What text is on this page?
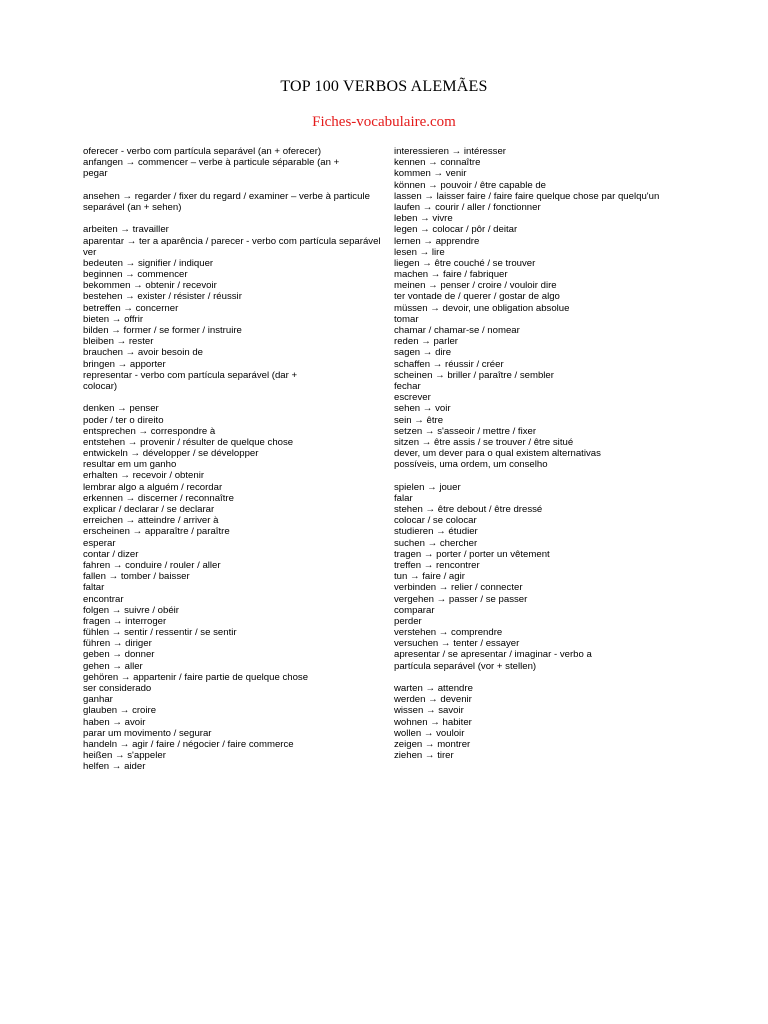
TOP 100 VERBOS ALEMÃES
Fiches-vocabulaire.com
oferecer - verbo com partícula separável (an + oferecer)
anfangen → commencer – verbe à particule séparable (an +
pegar
ansehen → regarder / fixer du regard / examiner – verbe à particule
separável (an + sehen)
arbeiten → travailler
aparentar → ter a aparência / parecer - verbo com partícula separável
ver
bedeuten → signifier / indiquer
beginnen → commencer
bekommen → obtenir / recevoir
bestehen → exister / résister / réussir
betreffen → concerner
bieten → offrir
bilden → former / se former / instruire
bleiben → rester
brauchen → avoir besoin de
bringen → apporter
representar - verbo com partícula separável (dar +
colocar)
denken → penser
poder / ter o direito
entsprechen → correspondre à
entstehen → provenir / résulter de quelque chose
entwickeln → développer / se développer
resultar em um ganho
erhalten → recevoir / obtenir
lembrar algo a alguém / recordar
erkennen → discerner / reconnaître
explicar / declarar / se declarar
erreichen → atteindre / arriver à
erscheinen → apparaître / paraître
esperar
contar / dizer
fahren → conduire / rouler / aller
fallen → tomber / baisser
faltar
encontrar
folgen → suivre / obéir
fragen → interroger
fühlen → sentir / ressentir / se sentir
führen → diriger
geben → donner
gehen → aller
gehören → appartenir / faire partie de quelque chose
ser considerado
ganhar
glauben → croire
haben → avoir
parar um movimento / segurar
handeln → agir / faire / négocier / faire commerce
heißen → s'appeler
helfen → aider
interessieren → intéresser
kennen → connaître
kommen → venir
können → pouvoir / être capable de
lassen → laisser faire / faire faire quelque chose par quelqu'un
laufen → courir / aller / fonctionner
leben → vivre
legen → colocar / pôr / deitar
lernen → apprendre
lesen → lire
liegen → être couché / se trouver
machen → faire / fabriquer
meinen → penser / croire / vouloir dire
ter vontade de / querer / gostar de algo
müssen → devoir, une obligation absolue
tomar
chamar / chamar-se / nomear
reden → parler
sagen → dire
schaffen → réussir / créer
scheinen → briller / paraître / sembler
fechar
escrever
sehen → voir
sein → être
setzen → s'asseoir / mettre / fixer
sitzen → être assis / se trouver / être situé
dever, um dever para o qual existem alternativas
possíveis, uma ordem, um conselho
spielen → jouer
falar
stehen → être debout / être dressé
colocar / se colocar
studieren → étudier
suchen → chercher
tragen → porter / porter un vêtement
treffen → rencontrer
tun → faire / agir
verbinden → relier / connecter
vergehen → passer / se passer
comparar
perder
verstehen → comprendre
versuchen → tenter / essayer
apresentar / se apresentar / imaginar - verbo a
partícula separável (vor + stellen)
warten → attendre
werden → devenir
wissen → savoir
wohnen → habiter
wollen → vouloir
zeigen → montrer
ziehen → tirer
